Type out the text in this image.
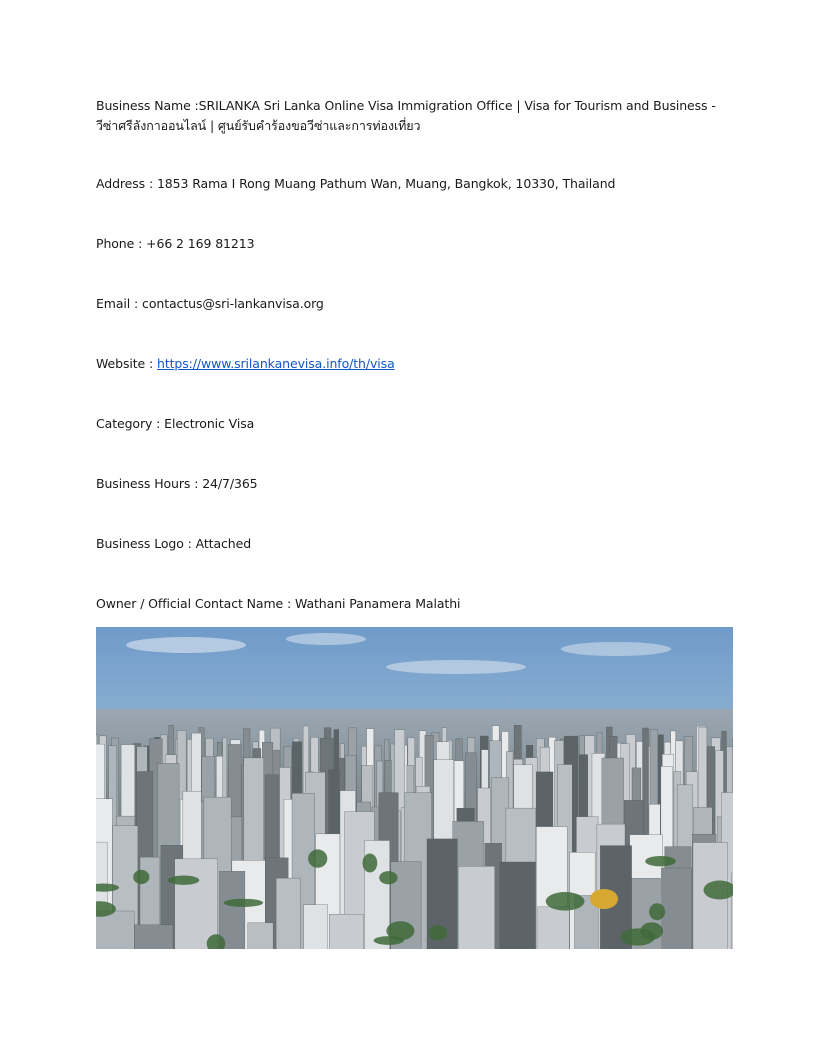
Business Name :SRILANKA Sri Lanka Online Visa Immigration Office | Visa for Tourism and Business - วีซ่าศรีลังกาออนไลน์ | ศูนย์รับคำร้องขอวีซ่าและการท่องเที่ยว

Address : 1853 Rama I Rong Muang Pathum Wan, Muang, Bangkok, 10330, Thailand

Phone : +66 2 169 81213

Email : contactus@sri-lankanvisa.org

Website : https://www.srilankanevisa.info/th/visa

Category : Electronic Visa

Business Hours : 24/7/365

Business Logo : Attached

Owner / Official Contact Name : Wathani Panamera Malathi
